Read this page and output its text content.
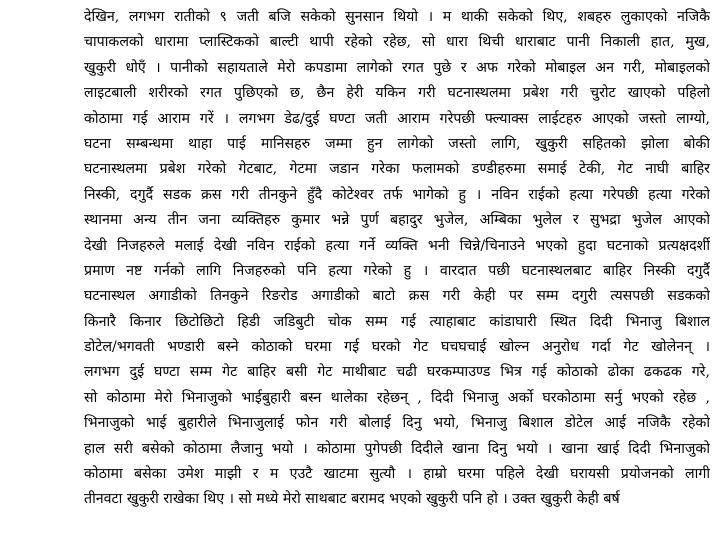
देखिन, लगभग रातीको ९ जती बजि सकेको सुनसान थियो । म थाकी सकेको थिए, शबहरु लुकाएको नजिकै
चापाकलको धारामा प्लास्टिकको बाल्टी थापी रहेको रहेछ, सो धारा थिची धाराबाट पानी निकाली हात, मुख,
खुकुरी धोएँ । पानीको सहायताले मेरो कपडामा लागेको रगत पुछे र अफ गरेको मोबाइल अन गरी, मोबाइलको
लाइटबाली शरीरको रगत पुछिएको छ, छैन हेरी यकिन गरी घटनास्थलमा प्रबेश गरी चुरोट खाएको पहिलो
कोठामा गई आराम गरें । लगभग डेढ/दुई घण्टा जती आराम गरेपछी फ्ल्याक्स लाईटहरु आएको जस्तो लाग्यो,
घटना सम्बन्धमा थाहा पाई मानिसहरु जम्मा हुन लागेको जस्तो लागि, खुकुरी सहितको झोला बोकी
घटनास्थलमा प्रबेश गरेको गेटबाट, गेटमा जडान गरेका फलामको डण्डीहरुमा समाई टेकी, गेट नाघी बाहिर
निस्की, दगुर्दै सडक क्रस गरी तीनकुने हुँदै कोटेश्वर तर्फ भागेको हु । नविन राईको हत्या गरेपछी हत्या गरेको
स्थानमा अन्य तीन जना व्यक्तिहरु कुमार भन्ने पुर्ण बहादुर भुजेल, अम्बिका भुलेल र सुभद्रा भुजेल आएको
देखी निजहरुले मलाई देखी नविन राईको हत्या गर्ने व्यक्ति भनी चिन्ने/चिनाउने भएको हुदा घटनाको प्रत्यक्षदर्शी
प्रमाण नष्ट गर्नको लागि निजहरुको पनि हत्या गरेको हु । वारदात पछी घटनास्थलबाट बाहिर निस्की दगुर्दै
घटनास्थल अगाडीको तिनकुने रिङरोड अगाडीको बाटो क्रस गरी केही पर सम्म दगुरी त्यसपछी सडकको
किनारै किनार छिटोछिटो हिडी जडिबुटी चोक सम्म गई त्याहाबाट कांडाघारी स्थित दिदी भिनाजु बिशाल
डोटेल/भगवती भण्डारी बस्ने कोठाको घरमा गई घरको गेट घचघचाई खोल्न अनुरोध गर्दा गेट खोलेनन् ।
लगभग दुई घण्टा सम्म गेट बाहिर बसी गेट माथीबाट चढी घरकम्पाउण्ड भित्र गई कोठाको ढोका ढकढक गरे,
सो कोठामा मेरो भिनाजुको भाईबुहारी बस्न थालेका रहेछन् , दिदी भिनाजु अर्को घरकोठामा सर्नु भएको रहेछ ,
भिनाजुको भाई बुहारीले भिनाजुलाई फोन गरी बोलाई दिनु भयो, भिनाजु बिशाल डोटेल आई नजिकै रहेको
हाल सरी बसेको कोठामा लैजानु भयो । कोठामा पुगेपछी दिदीले खाना दिनु भयो । खाना खाई दिदी भिनाजुको
कोठामा बसेका उमेश माझी र म एउटै खाटमा सुत्यौ । हाम्रो घरमा पहिले देखी घरायसी प्रयोजनको लागी
तीनवटा खुकुरी राखेका थिए । सो मध्ये मेरो साथबाट बरामद भएको खुकुरी पनि हो । उक्त खुकुरी केही बर्ष
